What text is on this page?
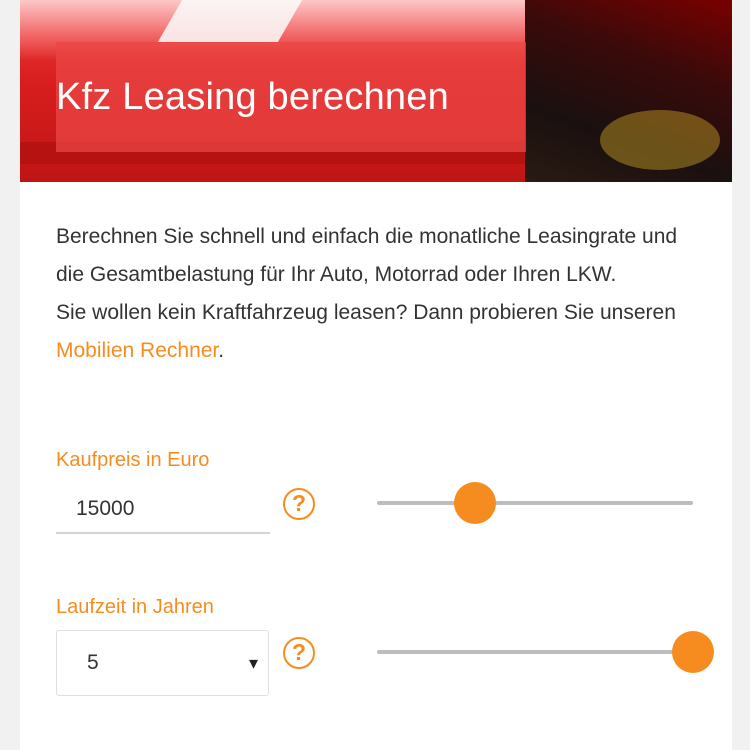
Kfz Leasing berechnen

Berechnen Sie schnell und einfach die monatliche Leasingrate und die Gesamtbelastung für Ihr Auto, Motorrad oder Ihren LKW.

Sie wollen kein Kraftfahrzeug leasen? Dann probieren Sie unseren Mobilien Rechner.

Kaufpreis in Euro
15000
?
Laufzeit in Jahren
5	▾	?
